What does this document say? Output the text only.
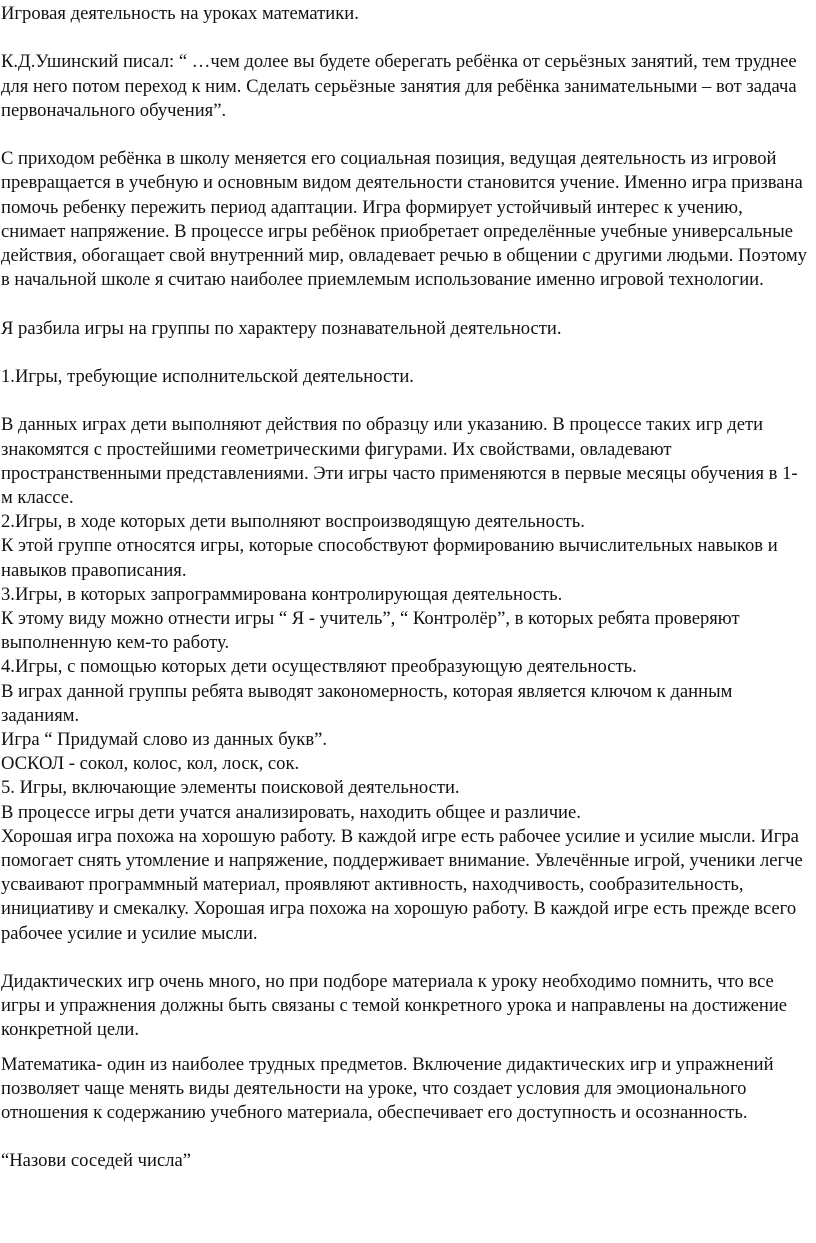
Игровая деятельность на уроках математики.

К.Д.Ушинский писал: “ …чем долее вы будете оберегать ребёнка от серьёзных занятий, тем труднее для него потом переход к ним. Сделать серьёзные занятия для ребёнка занимательными – вот задача первоначального обучения”.

С приходом ребёнка в школу меняется его социальная позиция, ведущая деятельность из игровой превращается в учебную и основным видом деятельности становится учение. Именно игра призвана помочь ребенку пережить период адаптации. Игра формирует устойчивый интерес к учению, снимает напряжение. В процессе игры ребёнок приобретает определённые учебные универсальные действия, обогащает свой внутренний мир, овладевает речью в общении с другими людьми. Поэтому в начальной школе я считаю наиболее приемлемым использование именно игровой технологии.

Я разбила игры на группы по характеру познавательной деятельности.

1.Игры, требующие исполнительской деятельности.

В данных играх дети выполняют действия по образцу или указанию. В процессе таких игр дети знакомятся с простейшими геометрическими фигурами. Их свойствами, овладевают пространственными представлениями. Эти игры часто применяются в первые месяцы обучения в 1-м классе.

2.Игры, в ходе которых дети выполняют воспроизводящую деятельность.

К этой группе относятся игры, которые способствуют формированию вычислительных навыков и навыков правописания.

3.Игры, в которых запрограммирована контролирующая деятельность.

К этому виду можно отнести игры “ Я - учитель”, “ Контролёр”, в которых ребята проверяют выполненную кем-то работу.

4.Игры, с помощью которых дети осуществляют преобразующую деятельность.

В играх данной группы ребята выводят закономерность, которая является ключом к данным заданиям.

Игра “ Придумай слово из данных букв”.

ОСКОЛ - сокол, колос, кол, лоск, сок.

5. Игры, включающие элементы поисковой деятельности.

В процессе игры дети учатся анализировать, находить общее и различие.

Хорошая игра похожа на хорошую работу. В каждой игре есть рабочее усилие и усилие мысли. Игра помогает снять утомление и напряжение, поддерживает внимание. Увлечённые игрой, ученики легче усваивают программный материал, проявляют активность, находчивость, сообразительность, инициативу и смекалку. Хорошая игра похожа на хорошую работу. В каждой игре есть прежде всего рабочее усилие и усилие мысли.

Дидактических игр очень много, но при подборе материала к уроку необходимо помнить, что все игры и упражнения должны быть связаны с темой конкретного урока и направлены на достижение конкретной цели.

Математика- один из наиболее трудных предметов. Включение дидактических игр и упражнений позволяет чаще менять виды деятельности на уроке, что создает условия для эмоционального отношения к содержанию учебного материала, обеспечивает его доступность и осознанность.

“Назови соседей числа”
